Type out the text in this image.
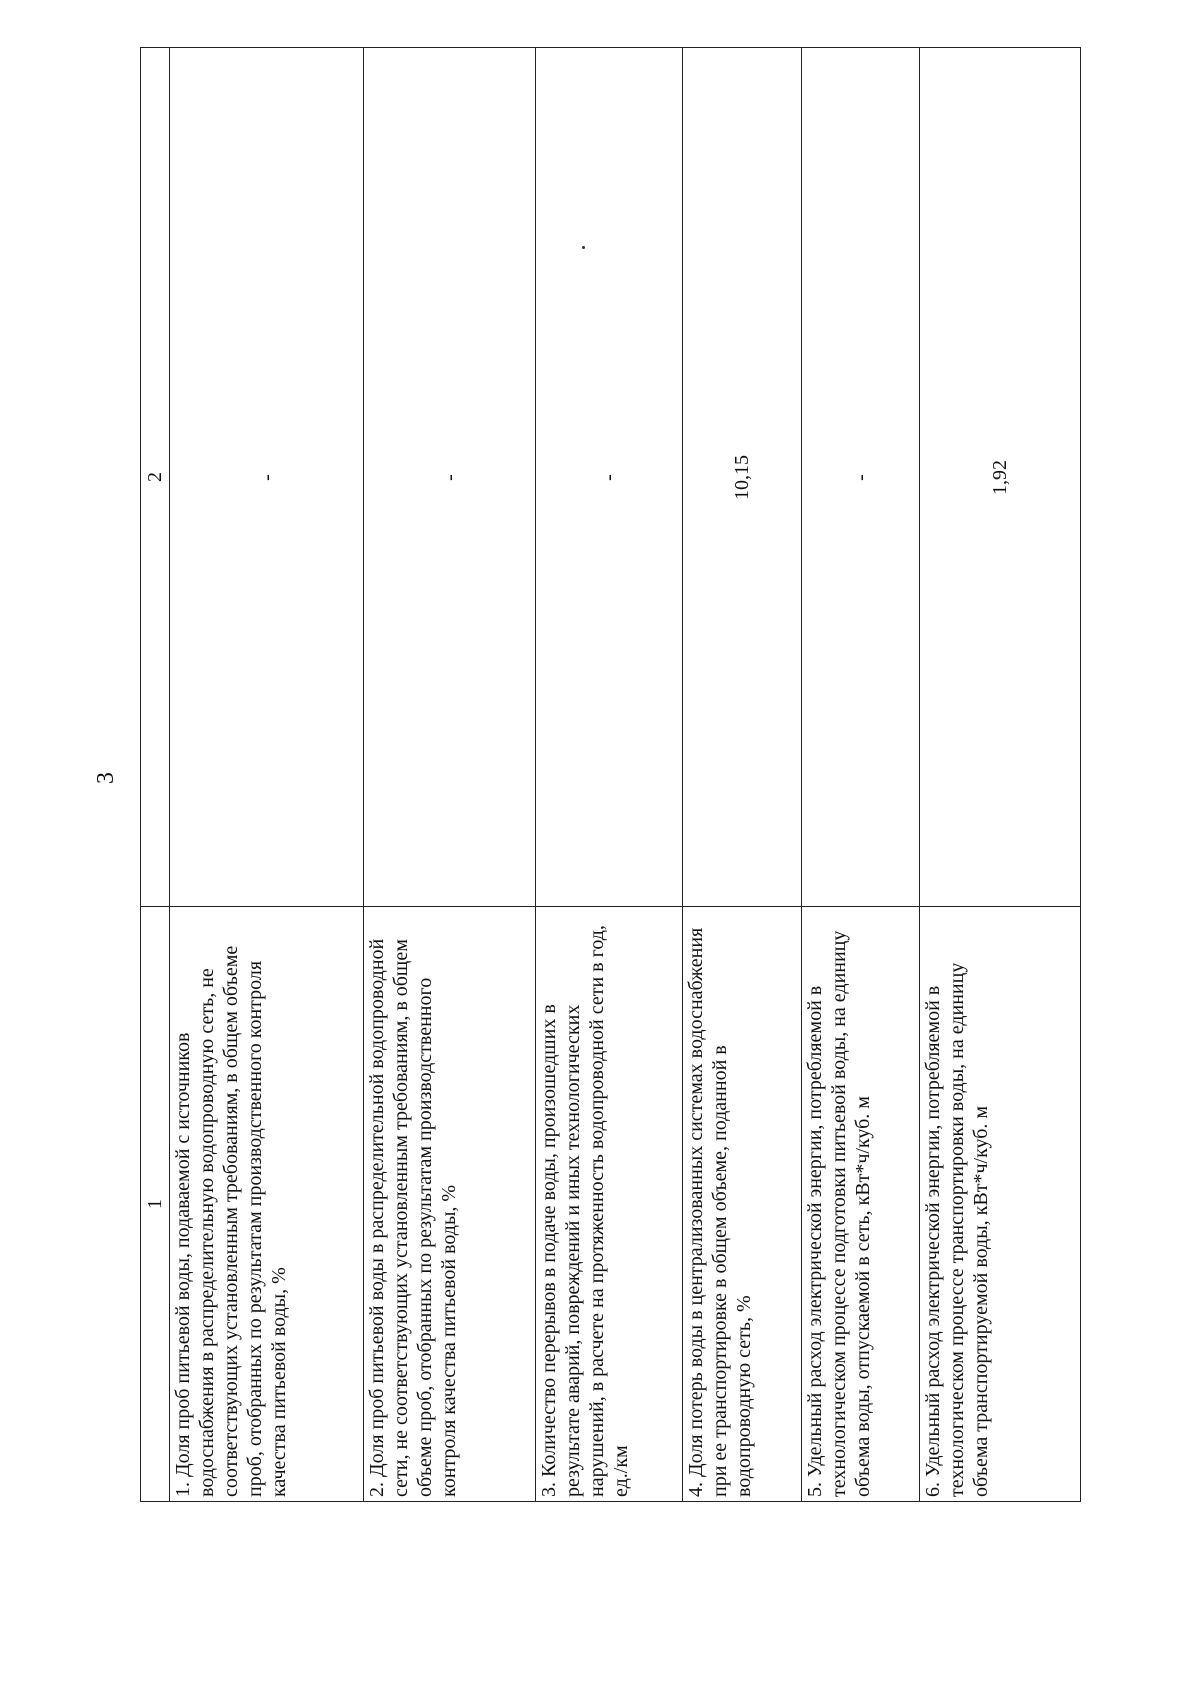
3
1	2

1. Доля проб питьевой воды, подаваемой с источников водоснабжения в распределительную водопроводную сеть, не соответствующих установленным требованиям, в общем объеме проб, отобранных по результатам производственного контроля качества питьевой воды, %	-

2. Доля проб питьевой воды в распределительной водопроводной сети, не соответствующих установленным требованиям, в общем объеме проб, отобранных по результатам производственного контроля качества питьевой воды, %	-

3. Количество перерывов в подаче воды, произошедших в результате аварий, повреждений и иных технологических нарушений, в расчете на протяженность водопроводной сети в год, ед./км	-

4. Доля потерь воды в централизованных системах водоснабжения при ее транспортировке в общем объеме, поданной в водопроводную сеть, %	10,15

5. Удельный расход электрической энергии, потребляемой в технологическом процессе подготовки питьевой воды, на единицу объема воды, отпускаемой в сеть, кВт*ч/куб. м	-

6. Удельный расход электрической энергии, потребляемой в технологическом процессе транспортировки воды, на единицу объема транспортируемой воды, кВт*ч/куб. м	1,92
